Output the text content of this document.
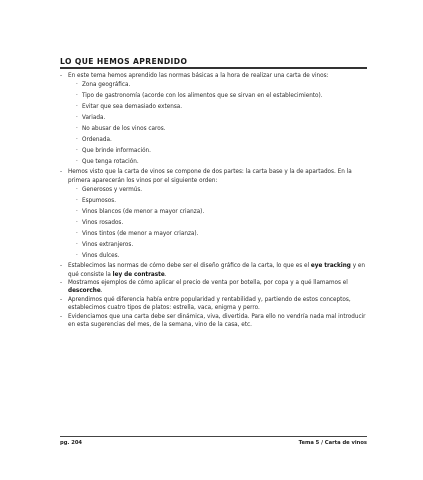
LO QUE HEMOS APRENDIDO
- En este tema hemos aprendido las normas básicas a la hora de realizar una carta de vinos:
· Zona geográfica.
· Tipo de gastronomía (acorde con los alimentos que se sirvan en el establecimiento).
· Evitar que sea demasiado extensa.
· Variada.
· No abusar de los vinos caros.
· Ordenada.
· Que brinde información.
· Que tenga rotación.
- Hemos visto que la carta de vinos se compone de dos partes: la carta base y la de apartados. En la primera aparecerán los vinos por el siguiente orden:
· Generosos y vermús.
· Espumosos.
· Vinos blancos (de menor a mayor crianza).
· Vinos rosados.
· Vinos tintos (de menor a mayor crianza).
· Vinos extranjeros.
· Vinos dulces.
- Establecimos las normas de cómo debe ser el diseño gráfico de la carta, lo que es el eye tracking y en qué consiste la ley de contraste.
- Mostramos ejemplos de cómo aplicar el precio de venta por botella, por copa y a qué llamamos el descorche.
- Aprendimos qué diferencia había entre popularidad y rentabilidad y, partiendo de estos conceptos, establecimos cuatro tipos de platos: estrella, vaca, enigma y perro.
- Evidenciamos que una carta debe ser dinámica, viva, divertida. Para ello no vendría nada mal introducir en esta sugerencias del mes, de la semana, vino de la casa, etc.
pg. 204	Tema 5 / Carta de vinos
